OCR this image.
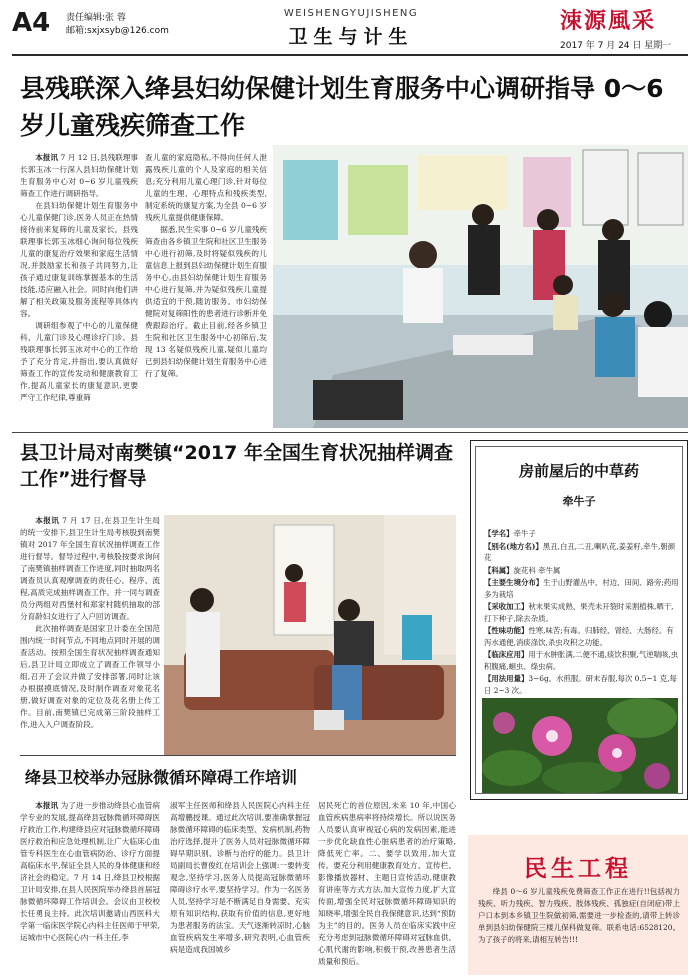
A4 责任编辑:张 蓉
邮箱:sxjxsyb@126.com
WEISHENGYUJISHENG
卫生与计生
涑源風采
2017 年 7 月 24 日 星期一
县残联深入绛县妇幼保健计划生育服务中心调研指导 0～6 岁儿童残疾筛查工作

本报讯 7 月 12 日,县残联理事长郭玉冰一行深入县妇幼保健计划生育服务中心对 0~6 岁儿童残疾筛查工作进行调研指导。

在县妇幼保健计划生育服务中心儿童保健门诊,医务人员正在热情接待前来复筛的儿童及家长。县残联理事长郭玉冰细心询问每位残疾儿童的康复治疗效果和家庭生活情况,并鼓励家长和孩子共同努力,让孩子通过康复训练掌握基本的生活技能,适应融入社会。同时向他们讲解了相关政策及服务流程等具体内容。

调研组参观了中心的儿童保健科、儿童门诊及心理诊疗门诊。县残联理事长郭玉冰对中心的工作给予了充分肯定,并指出,要认真做好筛查工作的宣传发动和健康教育工作,提高儿童家长的康复意识,更要严守工作纪律,尊重筛

查儿童的家庭隐私,不得向任何人泄露残疾儿童的个人及家庭的相关信息;充分利用儿童心理门诊,针对每位儿童的生理、心理特点和残疾类型,制定系统的康复方案,为全县 0~6 岁残疾儿童提供健康保障。

据悉,民生实事 0~6 岁儿童残疾筛查由各乡镇卫生院和社区卫生服务中心进行初筛,及时将疑似残疾的儿童信息上报到县妇幼保健计划生育服务中心,由县妇幼保健计划生育服务中心进行复筛,并为疑似残疾儿童提供适宜的干预,随访服务。市妇幼保健院对复筛阳性的患者进行诊断并免费跟踪治疗。截止目前,经各乡镇卫生院和社区卫生服务中心初筛后,发现 13 名疑似残疾儿童,疑似儿童均已到县妇幼保健计划生育服务中心进行了复筛。

县卫计局对南樊镇“2017 年全国生育状况抽样调查工作”进行督导

本报讯 7 月 17 日,在县卫生计生局的统一安排下,县卫生计生局考核股到南樊镇对 2017 年全国生育状况抽样调查工作进行督导。督导过程中,考核股按要求询问了南樊镇抽样调查工作进度,同时抽取两名调查员认真观摩调查的责任心、程序、流程,高质完成抽样调查工作。并一同与调查员分两组对西堡村和郑家村随机抽取的部分育龄妇女进行了入户回访调查。

此次抽样调查是国家卫计委在全国范围内统一时间节点,不同地点同时开展的调查活动。按照全国生育状况抽样调查通知后,县卫计局立即成立了调查工作领导小组,召开了会议并做了安排部署,同时让该办根据摸底情况,及时制作调查对象花名册,做好调查对象的定位及花名册上传工作。目前,南樊镇已完成第三阶段抽样工作,进入入户调查阶段。

房前屋后的中草药
牵牛子
【学名】牵牛子
【别名(地方名)】黑丑,白丑,二丑,喇叭花,姜姜籽,牵牛,朝颜花
【科属】旋花科 牵牛属
【主要生境分布】生于山野灌丛中、村边、田间、路旁;药用多为栽培
【采收加工】秋末果实成熟、果壳未开裂时采割植株,晒干,打下种子,除去杂质。
【性味功能】性寒,味苦;有毒。归肺经、肾经、大肠经。有泻水通便,消痰涤饮,杀虫攻积之功能。
【临床应用】用于水肿胀满,二便不通,痰饮积聚,气逆喘咳,虫积腹痛,蛔虫、绦虫病。
【用法用量】3~6g。水煎服。研末吞服,每次 0.5~1 克,每日 2~3 次。
绛县卫校举办冠脉微循环障碍工作培训

本报讯 为了进一步推动绛县心血管病学专业的发展,提高绛县冠脉微循环障碍医疗救治工作,构建绛县应对冠脉微循环障碍医疗救治和应急处理机制,让广大临床心血管专科医生在心血管病防治、诊疗方面提高临床水平,保证全县人民的身体健康和经济社会的稳定。7 月 14 日,绛县卫校根据卫计局安排,在县人民医院举办绛县首届冠脉微循环障碍工作培训会。会议由卫校校长任勇良主持。此次培训邀请山西医科大学第一临床医学院心内科主任医师于甲荣,运城市中心医院心内一科主任,李

淑军主任医师和绛县人民医院心内科主任高增鹏授课。通过此次培训,要准确掌握冠脉微循环障碍的临床类型、发病机制,药物治疗选择,提升了医务人员对冠脉微循环障碍早期识别、诊断与治疗的能力。县卫计局副局长曹俊红在培训会上强调:一要转变观念,坚持学习,医务人员提高冠脉微循环障碍诊疗水平,要坚持学习。作为一名医务人员,坚持学习是不断满足自身需要、充实原有知识结构,获取有价值的信息,更好地为患者服务的法宝。天气逐渐转凉时,心脑血管疾病发生率增多,研究表明,心血管疾病是造成我国城乡

居民死亡的首位原因,未来 10 年,中国心血管疾病患病率将持续增长。所以说医务人员要认真审视冠心病的发病因素,能进一步优化缺血性心脏病患者的治疗策略,降低死亡率。二、要学以致用,加大宣传。要充分利用健康教育处方、宣传栏、影像播放器材、主题日宣传活动,健康教育讲座等方式方法,加大宣传力度,扩大宣传面,增强全民对冠脉微循环障碍知识的知晓率,增强全民自我保健意识,达到“预防为主”的目的。医务人员在临床实践中应充分考虑到冠脉微循环障碍对冠脉血供、心肌代谢的影响,积极干预,改善患者生活质量和预后。

民生工程
绛县 0～6 岁儿童残疾免费筛查工作正在进行!!包括视力残疾、听力残疾、智力残疾、肢体残疾、孤独症(自闭症)带上户口本到本乡镇卫生院做初筛,需要进一步检查的,请带上转诊单到县妇幼保健院三楼儿保科做复筛。联系电话:6528120。为了孩子的将来,请相互转告!!!
